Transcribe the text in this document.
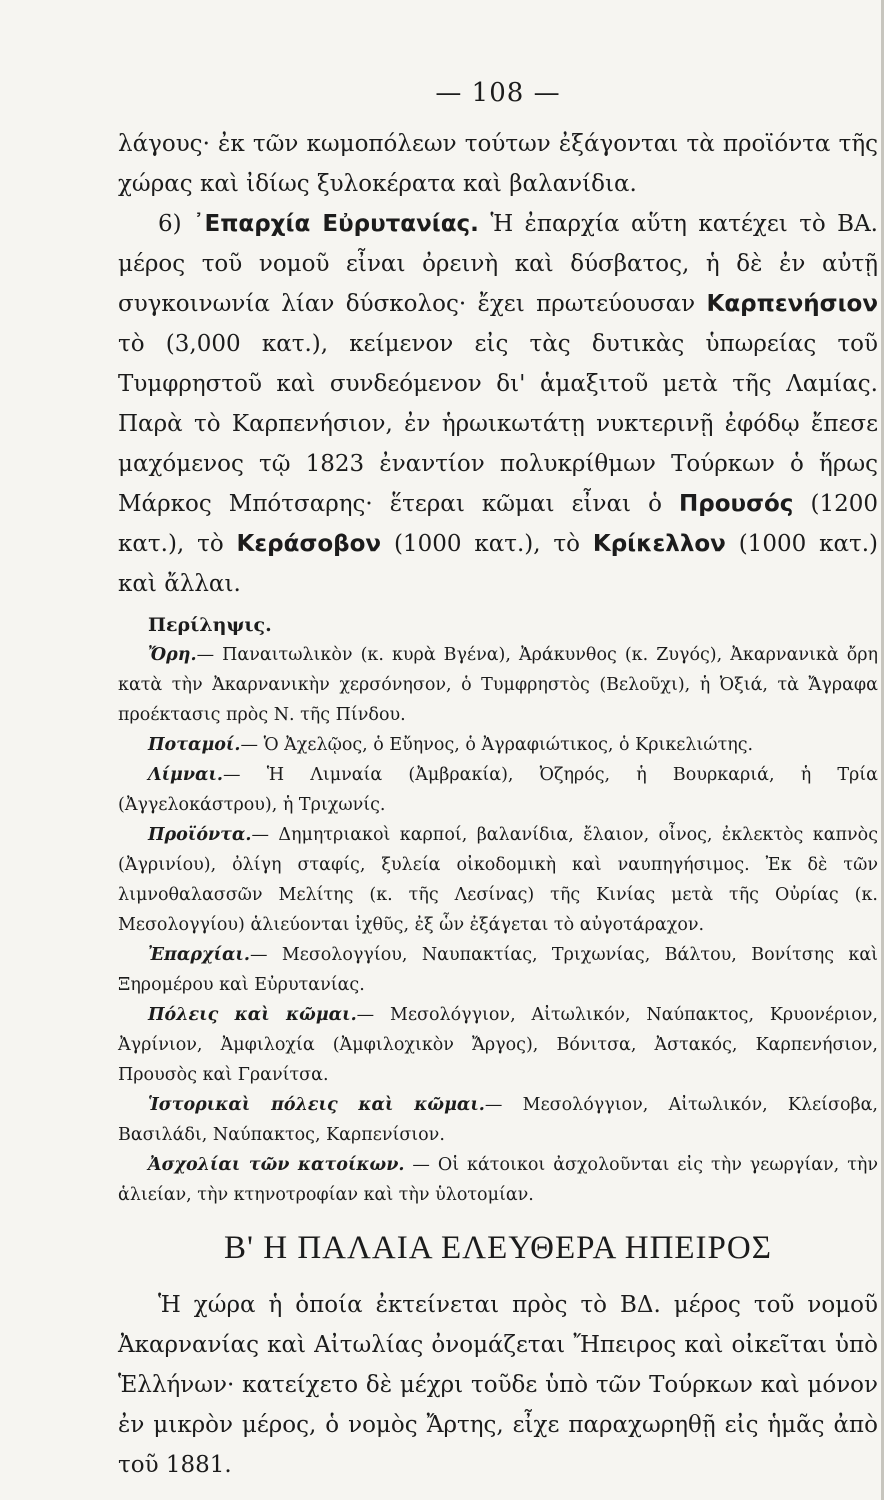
— 108 —

λάγους· ἐκ τῶν κωμοπόλεων τούτων ἐξάγονται τὰ προϊόντα τῆς χώρας καὶ ἰδίως ξυλοκέρατα καὶ βαλανίδια.

6) ᾿Επαρχία Εὐρυτανίας. Ἡ ἐπαρχία αὕτη κατέχει τὸ ΒΑ. μέρος τοῦ νομοῦ εἶναι ὀρεινὴ καὶ δύσβατος, ἡ δὲ ἐν αὐτῇ συγκοινωνία λίαν δύσκολος· ἔχει πρωτεύουσαν Καρπενήσιον τὸ (3,000 κατ.), κείμενον εἰς τὰς δυτικὰς ὑπωρείας τοῦ Τυμφρηστοῦ καὶ συνδεόμενον δι' ἁμαξιτοῦ μετὰ τῆς Λαμίας. Παρὰ τὸ Καρπενήσιον, ἐν ἡρωικωτάτῃ νυκτερινῇ ἐφόδῳ ἔπεσε μαχόμενος τῷ 1823 ἐναντίον πολυκρίθμων Τούρκων ὁ ἥρως Μάρκος Μπότσαρης· ἕτεραι κῶμαι εἶναι ὁ Προυσός (1200 κατ.), τὸ Κεράσοβον (1000 κατ.), τὸ Κρίκελλον (1000 κατ.) καὶ ἄλλαι.

Περίληψις.

Ὄρη.— Παναιτωλικὸν (κ. κυρὰ Βγένα), Ἀράκυνθος (κ. Ζυγός), Ἀκαρνανικὰ ὄρη κατὰ τὴν Ἀκαρνανικὴν χερσόνησον, ὁ Τυμφρηστὸς (Βελοῦχι), ἡ Ὀξιά, τὰ Ἄγραφα προέκτασις πρὸς Ν. τῆς Πίνδου.

Ποταμοί.— Ὁ Ἀχελῷος, ὁ Εὔηνος, ὁ Ἀγραφιώτικος, ὁ Κρικελιώτης.

Λίμναι.— Ἡ Λιμναία (Ἀμβρακία), Ὀζηρός, ἡ Βουρκαριά, ἡ Τρία (Ἀγγελοκάστρου), ἡ Τριχωνίς.

Προϊόντα.— Δημητριακοὶ καρποί, βαλανίδια, ἔλαιον, οἶνος, ἐκλεκτὸς καπνὸς (Ἀγρινίου), ὀλίγη σταφίς, ξυλεία οἰκοδομικὴ καὶ ναυπηγήσιμος. Ἐκ δὲ τῶν λιμνοθαλασσῶν Μελίτης (κ. τῆς Λεσίνας) τῆς Κινίας μετὰ τῆς Οὐρίας (κ. Μεσολογγίου) ἁλιεύονται ἰχθῦς, ἐξ ὧν ἐξάγεται τὸ αὐγοτάραχον.

Ἐπαρχίαι.— Μεσολογγίου, Ναυπακτίας, Τριχωνίας, Βάλτου, Βονίτσης καὶ Ξηρομέρου καὶ Εὐρυτανίας.

Πόλεις καὶ κῶμαι.— Μεσολόγγιον, Αἰτωλικόν, Ναύπακτος, Κρυονέριον, Ἀγρίνιον, Ἀμφιλοχία (Ἀμφιλοχικὸν Ἄργος), Βόνιτσα, Ἀστακός, Καρπενήσιον, Προυσὸς καὶ Γρανίτσα.

Ἱστορικαὶ πόλεις καὶ κῶμαι.— Μεσολόγγιον, Αἰτωλικόν, Κλείσοβα, Βασιλάδι, Ναύπακτος, Καρπενίσιον.

Ἀσχολίαι τῶν κατοίκων. — Οἱ κάτοικοι ἀσχολοῦνται εἰς τὴν γεωργίαν, τὴν ἁλιείαν, τὴν κτηνοτροφίαν καὶ τὴν ὑλοτομίαν.

Β' Η ΠΑΛΑΙΑ ΕΛΕΥΘΕΡΑ ΗΠΕΙΡΟΣ

Ἡ χώρα ἡ ὁποία ἐκτείνεται πρὸς τὸ ΒΔ. μέρος τοῦ νομοῦ Ἀκαρνανίας καὶ Αἰτωλίας ὀνομάζεται Ἤπειρος καὶ οἰκεῖται ὑπὸ Ἑλλήνων· κατείχετο δὲ μέχρι τοῦδε ὑπὸ τῶν Τούρκων καὶ μόνον ἐν μικρὸν μέρος, ὁ νομὸς Ἄρτης, εἶχε παραχωρηθῇ εἰς ἡμᾶς ἀπὸ τοῦ 1881.
